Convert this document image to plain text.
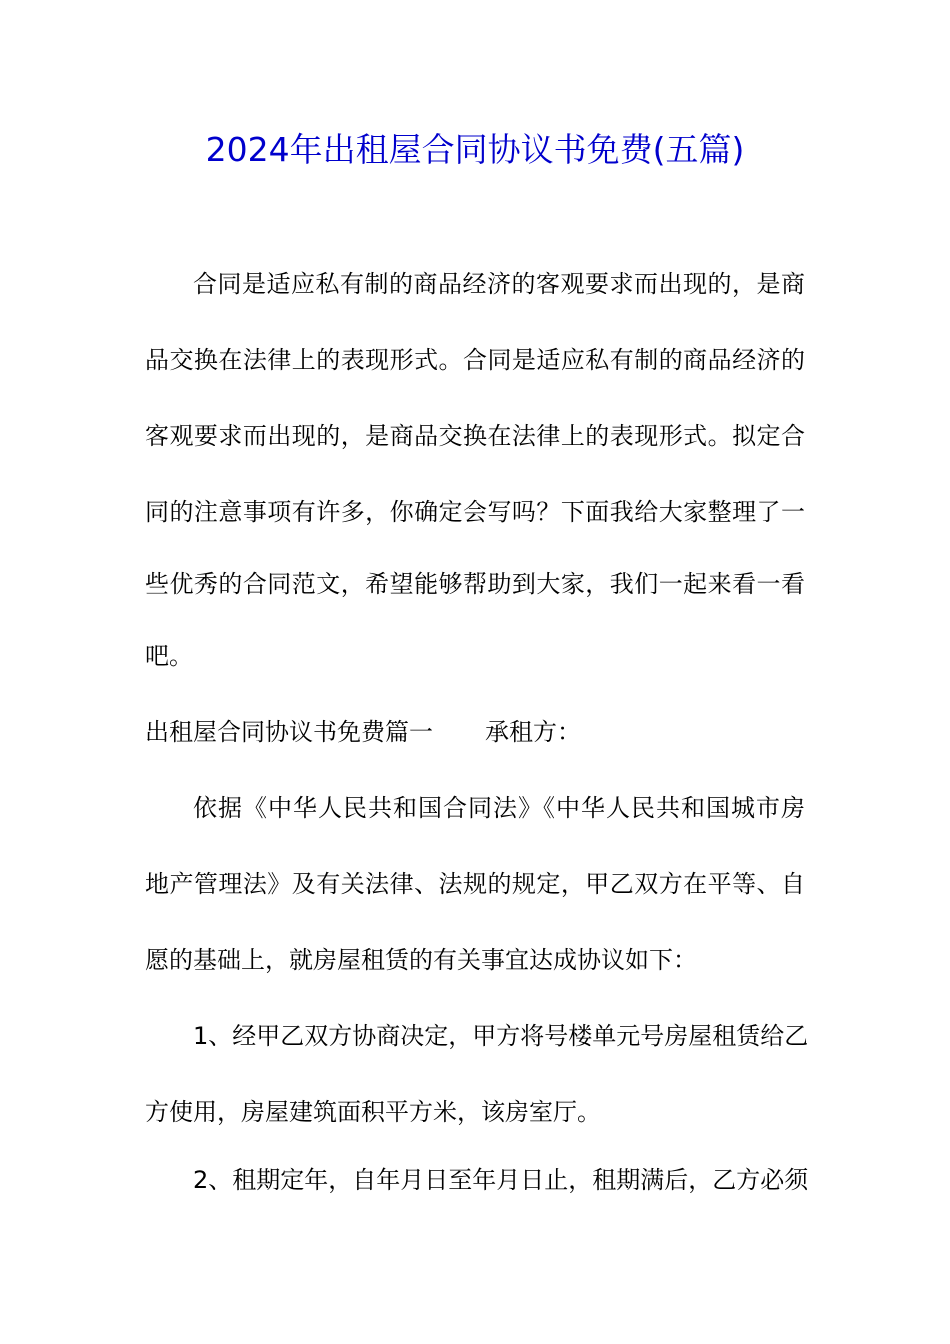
2024年出租屋合同协议书免费(五篇)
合同是适应私有制的商品经济的客观要求而出现的，是商
品交换在法律上的表现形式。合同是适应私有制的商品经济的
客观要求而出现的，是商品交换在法律上的表现形式。拟定合
同的注意事项有许多，你确定会写吗？下面我给大家整理了一
些优秀的合同范文，希望能够帮助到大家，我们一起来看一看
吧。
出租屋合同协议书免费篇一 承租方：
依据《中华人民共和国合同法》《中华人民共和国城市房
地产管理法》及有关法律、法规的规定，甲乙双方在平等、自
愿的基础上，就房屋租赁的有关事宜达成协议如下：
1、经甲乙双方协商决定，甲方将号楼单元号房屋租赁给乙
方使用，房屋建筑面积平方米，该房室厅。
2、租期定年，自年月日至年月日止，租期满后，乙方必须
